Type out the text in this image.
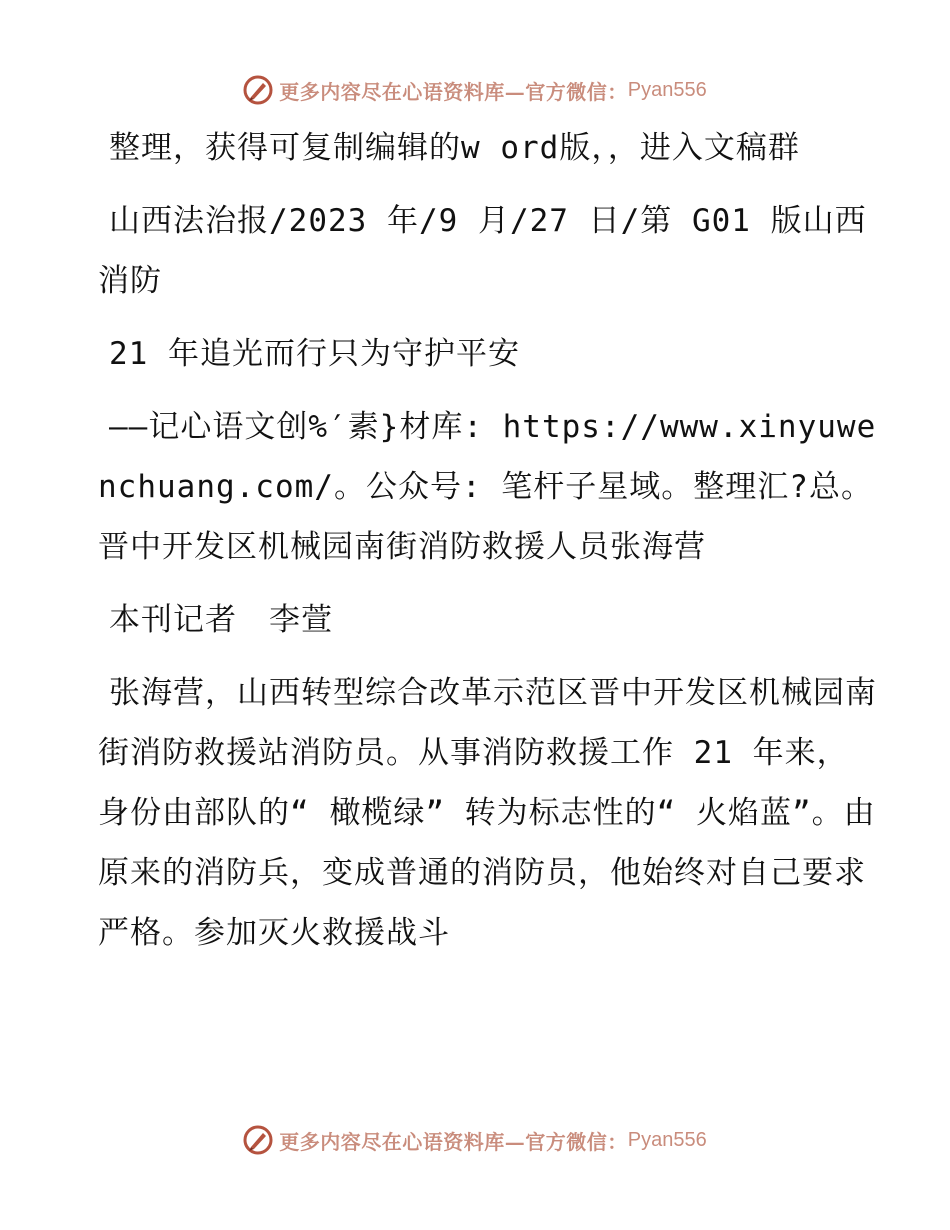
更多内容尽在心语资料库—官方微信： Pyan556

整理，获得可复制编辑的w ord版，，进入文稿群

山西法治报/2023 年/9 月/27 日/第 G01 版山西消防

21 年追光而行只为守护平安

——记心语文创%′素}材库: https://www.xinyuwenchuang.com/。公众号: 笔杆子星域。整理汇?总。晋中开发区机械园南街消防救援人员张海营

本刊记者　李萱

张海营，山西转型综合改革示范区晋中开发区机械园南街消防救援站消防员。从事消防救援工作 21 年来，身份由部队的“ 橄榄绿” 转为标志性的“ 火焰蓝”。由原来的消防兵，变成普通的消防员，他始终对自己要求严格。参加灭火救援战斗

更多内容尽在心语资料库—官方微信： Pyan556
